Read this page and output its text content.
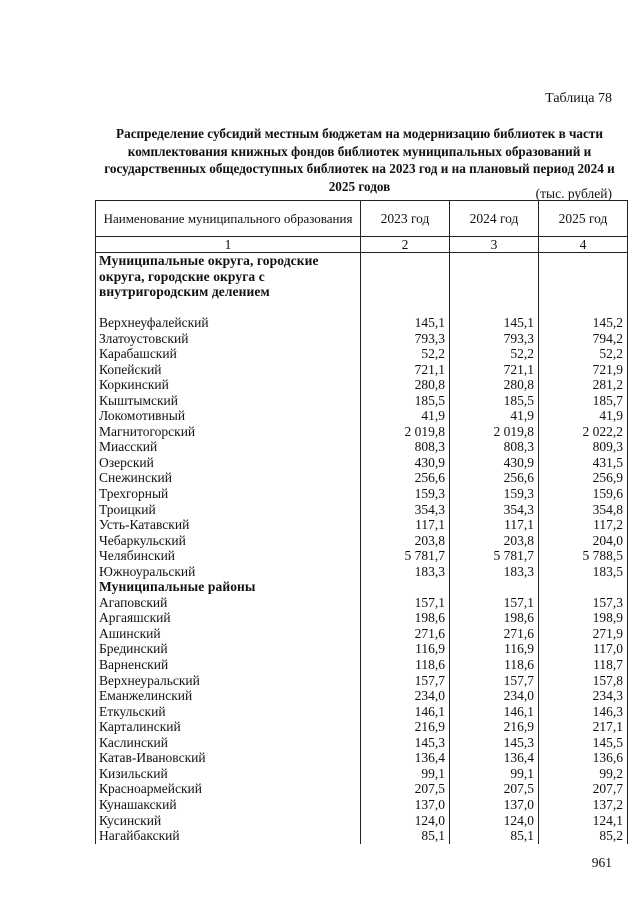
Таблица 78
Распределение субсидий местным бюджетам на модернизацию библиотек в части комплектования книжных фондов библиотек муниципальных образований и государственных общедоступных библиотек на 2023 год и на плановый период 2024 и 2025 годов	(тыс. рублей)
Наименование муниципального образования	2023 год	2024 год	2025 год
1	2	3	4
Муниципальные округа, городские округа, городские округа с внутригородским делением			
Верхнеуфалейский	145,1	145,1	145,2
Златоустовский	793,3	793,3	794,2
Карабашский	52,2	52,2	52,2
Копейский	721,1	721,1	721,9
Коркинский	280,8	280,8	281,2
Кыштымский	185,5	185,5	185,7
Локомотивный	41,9	41,9	41,9
Магнитогорский	2 019,8	2 019,8	2 022,2
Миасский	808,3	808,3	809,3
Озерский	430,9	430,9	431,5
Снежинский	256,6	256,6	256,9
Трехгорный	159,3	159,3	159,6
Троицкий	354,3	354,3	354,8
Усть-Катавский	117,1	117,1	117,2
Чебаркульский	203,8	203,8	204,0
Челябинский	5 781,7	5 781,7	5 788,5
Южноуральский	183,3	183,3	183,5
Муниципальные районы			
Агаповский	157,1	157,1	157,3
Аргаяшский	198,6	198,6	198,9
Ашинский	271,6	271,6	271,9
Брединский	116,9	116,9	117,0
Варненский	118,6	118,6	118,7
Верхнеуральский	157,7	157,7	157,8
Еманжелинский	234,0	234,0	234,3
Еткульский	146,1	146,1	146,3
Карталинский	216,9	216,9	217,1
Каслинский	145,3	145,3	145,5
Катав-Ивановский	136,4	136,4	136,6
Кизильский	99,1	99,1	99,2
Красноармейский	207,5	207,5	207,7
Кунашакский	137,0	137,0	137,2
Кусинский	124,0	124,0	124,1
Нагайбакский	85,1	85,1	85,2
961
